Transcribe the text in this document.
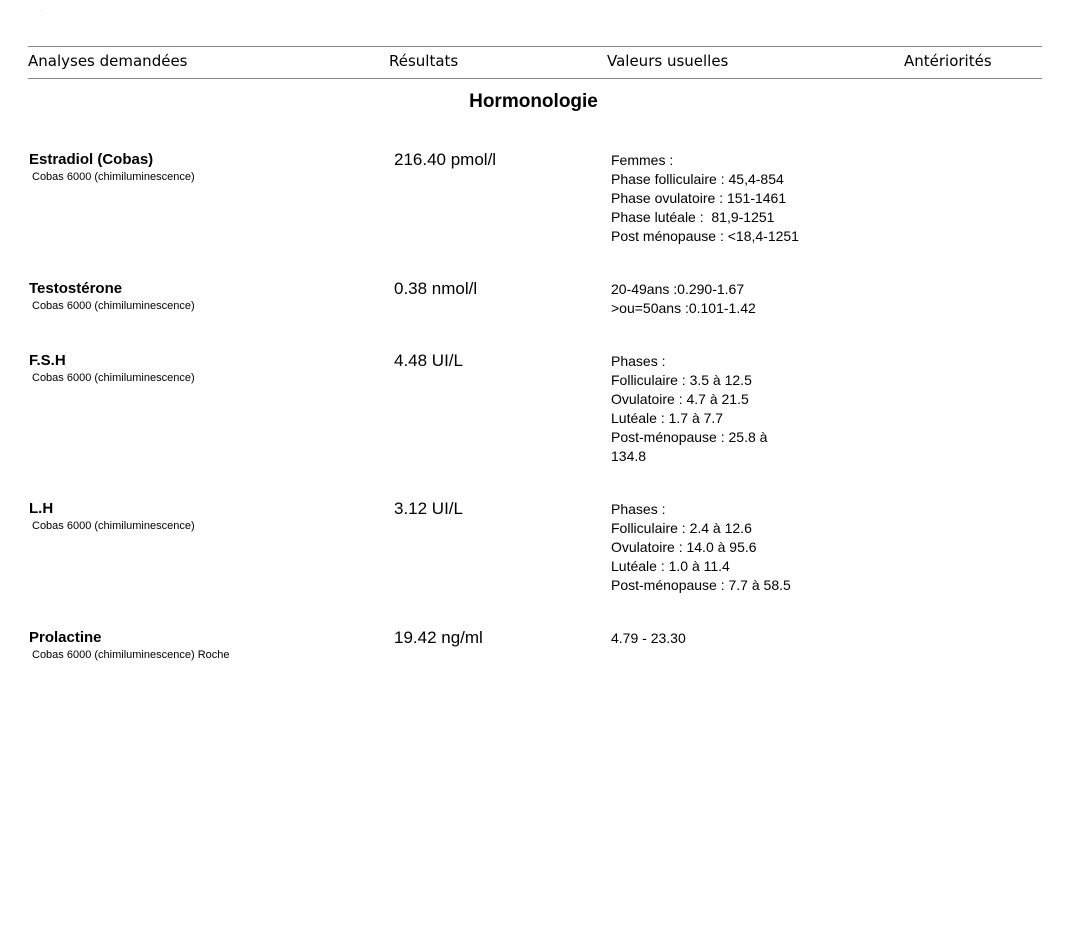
·
Analyses demandées	Résultats	Valeurs usuelles	Antériorités
Hormonologie
Estradiol (Cobas)
Cobas 6000 (chimiluminescence)
216.40 pmol/l	Femmes :
Phase folliculaire : 45,4-854
Phase ovulatoire : 151-1461
Phase lutéale :  81,9-1251
Post ménopause : <18,4-1251
Testostérone
Cobas 6000 (chimiluminescence)
0.38 nmol/l	20-49ans :0.290-1.67
>ou=50ans :0.101-1.42
F.S.H
Cobas 6000 (chimiluminescence)
4.48 UI/L	Phases :
Folliculaire : 3.5 à 12.5
Ovulatoire : 4.7 à 21.5
Lutéale : 1.7 à 7.7
Post-ménopause : 25.8 à
134.8
L.H
Cobas 6000 (chimiluminescence)
3.12 UI/L	Phases :
Folliculaire : 2.4 à 12.6
Ovulatoire : 14.0 à 95.6
Lutéale : 1.0 à 11.4
Post-ménopause : 7.7 à 58.5
Prolactine
Cobas 6000 (chimiluminescence) Roche
19.42 ng/ml	4.79 - 23.30
